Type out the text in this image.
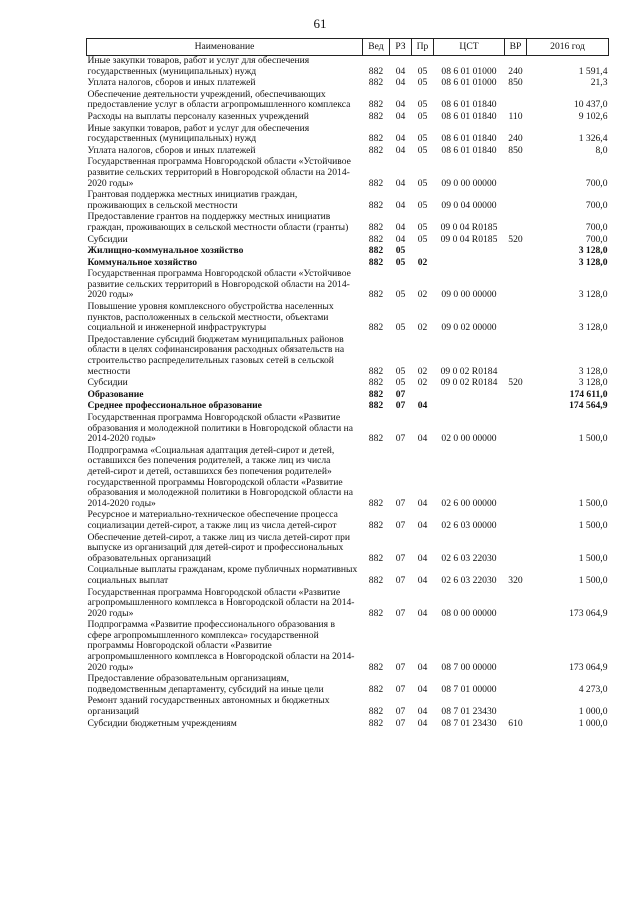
61
Наименование	Вед	РЗ	Пр	ЦСТ	ВР	2016 год
Иные закупки товаров, работ и услуг для обеспечения государственных (муниципальных) нужд	882	04	05	08 6 01 01000	240	1 591,4
Уплата налогов, сборов и иных платежей	882	04	05	08 6 01 01000	850	21,3
Обеспечение деятельности учреждений, обеспечивающих предоставление услуг в области агропромышленного комплекса	882	04	05	08 6 01 01840		10 437,0
Расходы на выплаты персоналу казенных учреждений	882	04	05	08 6 01 01840	110	9 102,6
Иные закупки товаров, работ и услуг для обеспечения государственных (муниципальных) нужд	882	04	05	08 6 01 01840	240	1 326,4
Уплата налогов, сборов и иных платежей	882	04	05	08 6 01 01840	850	8,0
Государственная программа Новгородской области «Устойчивое развитие сельских территорий в Новгородской области на 2014-2020 годы»	882	04	05	09 0 00 00000		700,0
Грантовая поддержка местных инициатив граждан, проживающих в сельской местности	882	04	05	09 0 04 00000		700,0
Предоставление грантов на поддержку местных инициатив граждан, проживающих в сельской местности области (гранты)	882	04	05	09 0 04 R0185		700,0
Субсидии	882	04	05	09 0 04 R0185	520	700,0
Жилищно-коммунальное хозяйство	882	05				3 128,0
Коммунальное хозяйство	882	05	02			3 128,0
Государственная программа Новгородской области «Устойчивое развитие сельских территорий в Новгородской области на 2014-2020 годы»	882	05	02	09 0 00 00000		3 128,0
Повышение уровня комплексного обустройства населенных пунктов, расположенных в сельской местности, объектами социальной и инженерной инфраструктуры	882	05	02	09 0 02 00000		3 128,0
Предоставление субсидий бюджетам муниципальных районов области в целях софинансирования расходных обязательств на строительство распределительных газовых сетей в сельской местности	882	05	02	09 0 02 R0184		3 128,0
Субсидии	882	05	02	09 0 02 R0184	520	3 128,0
Образование	882	07				174 611,0
Среднее профессиональное образование	882	07	04			174 564,9
Государственная программа Новгородской области «Развитие образования и молодежной политики в Новгородской области на 2014-2020 годы»	882	07	04	02 0 00 00000		1 500,0
Подпрограмма «Социальная адаптация детей-сирот и детей, оставшихся без попечения родителей, а также лиц из числа детей-сирот и детей, оставшихся без попечения родителей» государственной программы Новгородской области «Развитие образования и молодежной политики в Новгородской области на 2014-2020 годы»	882	07	04	02 6 00 00000		1 500,0
Ресурсное и материально-техническое обеспечение процесса социализации детей-сирот, а также лиц из числа детей-сирот	882	07	04	02 6 03 00000		1 500,0
Обеспечение детей-сирот, а также лиц из числа детей-сирот при выпуске из организаций для детей-сирот и профессиональных образовательных организаций	882	07	04	02 6 03 22030		1 500,0
Социальные выплаты гражданам, кроме публичных нормативных социальных выплат	882	07	04	02 6 03 22030	320	1 500,0
Государственная программа Новгородской области «Развитие агропромышленного комплекса в Новгородской области на 2014-2020 годы»	882	07	04	08 0 00 00000		173 064,9
Подпрограмма «Развитие профессионального образования в сфере агропромышленного комплекса» государственной программы Новгородской области «Развитие агропромышленного комплекса в Новгородской области на 2014-2020 годы»	882	07	04	08 7 00 00000		173 064,9
Предоставление образовательным организациям, подведомственным департаменту, субсидий на иные цели	882	07	04	08 7 01 00000		4 273,0
Ремонт зданий государственных автономных и бюджетных организаций	882	07	04	08 7 01 23430		1 000,0
Субсидии бюджетным учреждениям	882	07	04	08 7 01 23430	610	1 000,0
